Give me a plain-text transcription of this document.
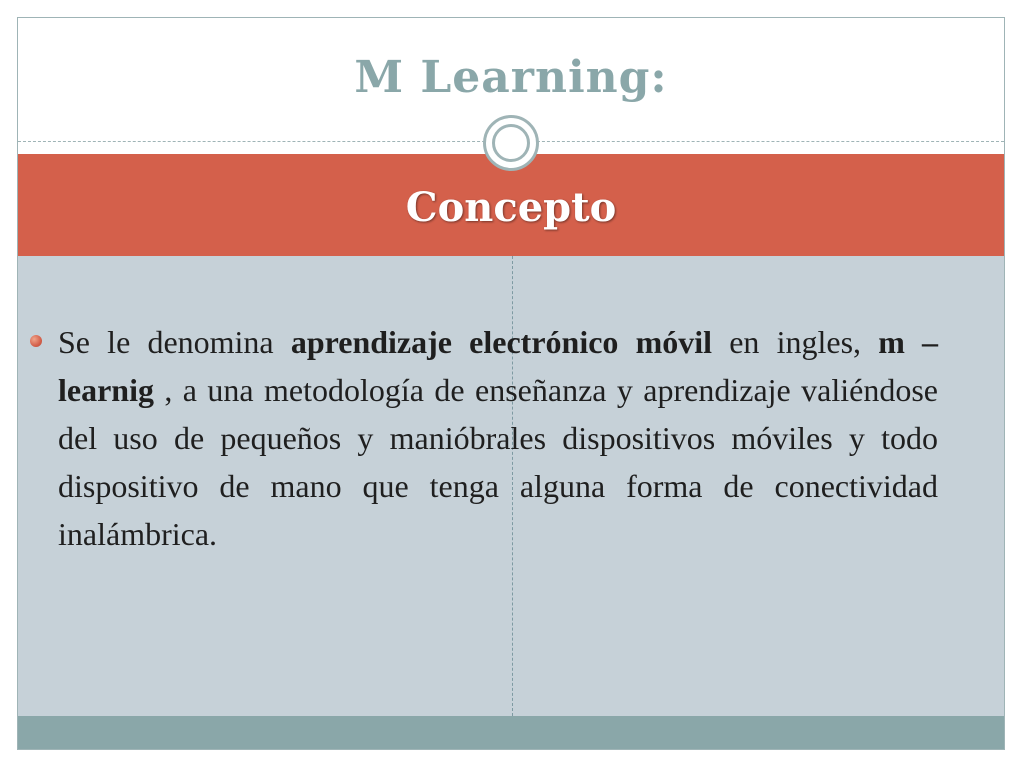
M Learning:
Concepto
Se le denomina aprendizaje electrónico móvil en ingles, m –learnig , a una metodología de enseñanza y aprendizaje valiéndose del uso de pequeños y manióbrales dispositivos móviles y todo dispositivo de mano que tenga alguna forma de conectividad inalámbrica.
